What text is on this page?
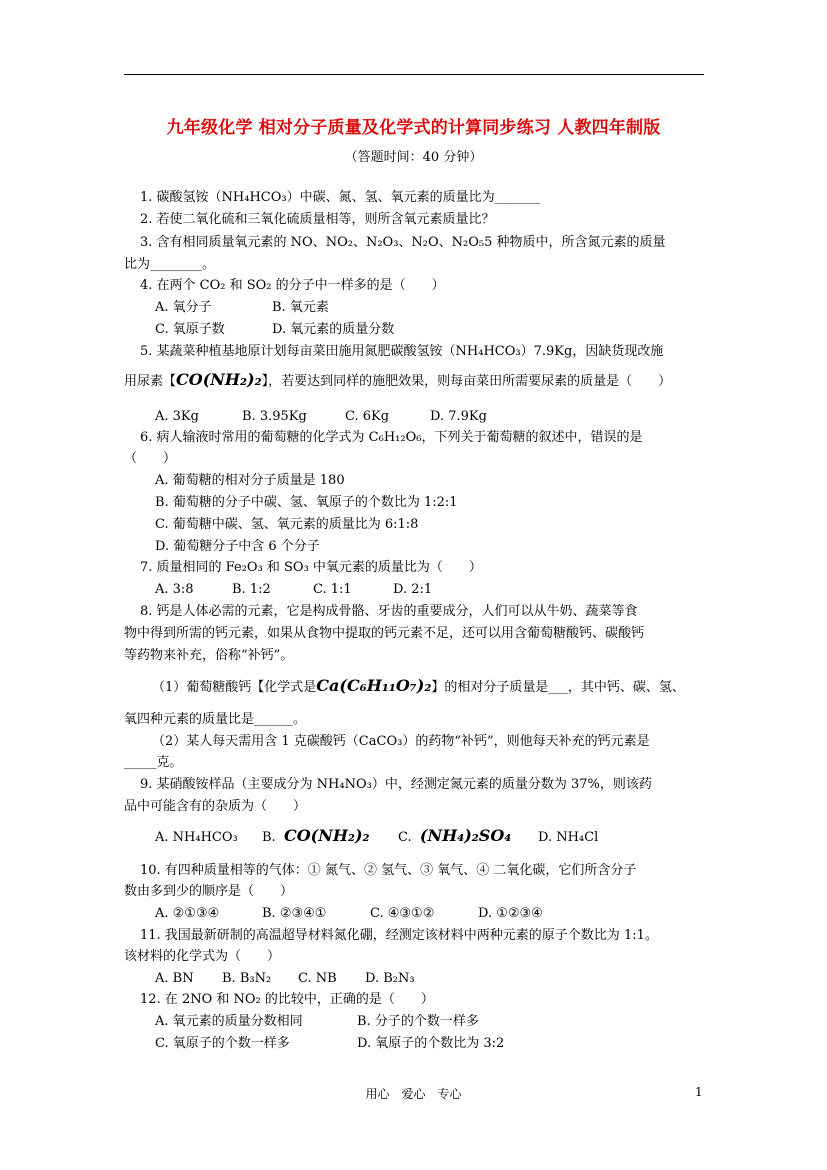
九年级化学 相对分子质量及化学式的计算同步练习 人教四年制版
（答题时间：40 分钟）
1. 碳酸氢铵（NH₄HCO₃）中碳、氮、氢、氧元素的质量比为_______
2. 若使二氧化硫和三氧化硫质量相等，则所含氧元素质量比？
3. 含有相同质量氧元素的 NO、NO₂、N₂O₃、N₂O、N₂O₅5 种物质中，所含氮元素的质量
比为________。
4. 在两个 CO₂ 和 SO₂ 的分子中一样多的是（　　）
A. 氧分子	B. 氧元素
C. 氧原子数	D. 氧元素的质量分数
5. 某蔬菜种植基地原计划每亩菜田施用氮肥碳酸氢铵（NH₄HCO₃）7.9Kg，因缺货现改施
用尿素【CO(NH₂)₂】，若要达到同样的施肥效果，则每亩菜田所需要尿素的质量是（　　）
A. 3Kg	B. 3.95Kg	C. 6Kg	D. 7.9Kg
6. 病人输液时常用的葡萄糖的化学式为 C₆H₁₂O₆，下列关于葡萄糖的叙述中，错误的是
（　　）
A. 葡萄糖的相对分子质量是 180
B. 葡萄糖的分子中碳、氢、氧原子的个数比为 1:2:1
C. 葡萄糖中碳、氢、氧元素的质量比为 6:1:8
D. 葡萄糖分子中含 6 个分子
7. 质量相同的 Fe₂O₃ 和 SO₃ 中氧元素的质量比为（　　）
A. 3:8	B. 1:2	C. 1:1	D. 2:1
8. 钙是人体必需的元素，它是构成骨骼、牙齿的重要成分，人们可以从牛奶、蔬菜等食
物中得到所需的钙元素，如果从食物中提取的钙元素不足，还可以用含葡萄糖酸钙、碳酸钙
等药物来补充，俗称“补钙”。
（1）葡萄糖酸钙【化学式是Ca(C₆H₁₁O₇)₂】的相对分子质量是___，其中钙、碳、氢、
氧四种元素的质量比是______。
（2）某人每天需用含 1 克碳酸钙（CaCO₃）的药物“补钙”，则他每天补充的钙元素是
_____克。
9. 某硝酸铵样品（主要成分为 NH₄NO₃）中，经测定氮元素的质量分数为 37%，则该药
品中可能含有的杂质为（　　）
A. NH₄HCO₃ B. CO(NH₂)₂ C. (NH₄)₂SO₄ D. NH₄Cl
10. 有四种质量相等的气体：① 氮气、② 氢气、③ 氧气、④ 二氧化碳，它们所含分子
数由多到少的顺序是（　　）
A. ②①③④	B. ②③④①	C. ④③①②	D. ①②③④
11. 我国最新研制的高温超导材料氮化硼，经测定该材料中两种元素的原子个数比为 1:1。
该材料的化学式为（　　）
A. BN B. B₃N₂ C. NB D. B₂N₃
12. 在 2NO 和 NO₂ 的比较中，正确的是（　　）
A. 氧元素的质量分数相同	B. 分子的个数一样多
C. 氧原子的个数一样多	D. 氧原子的个数比为 3:2
用心　爱心　专心	1
